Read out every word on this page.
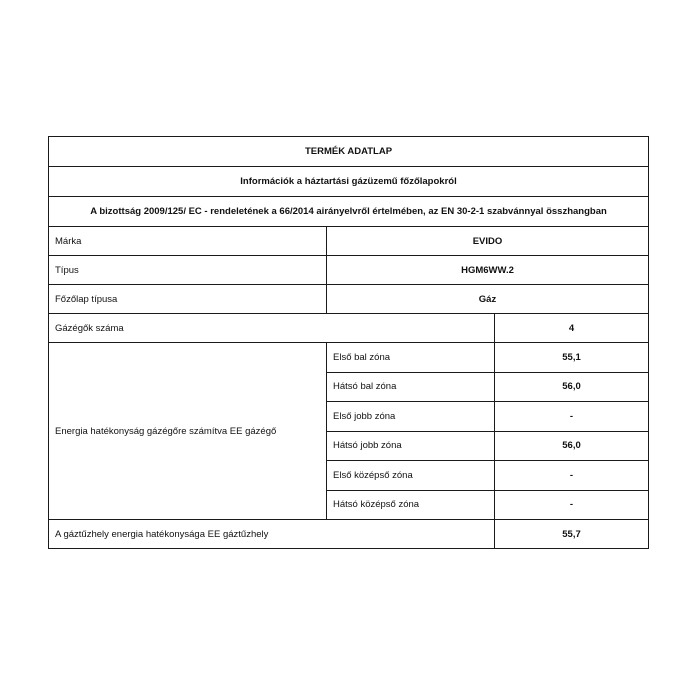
TERMÉK ADATLAP		
Információk a háztartási gázüzemű főzőlapokról		
A bizottság 2009/125/ EC - rendeletének a 66/2014 airányelvről értelmében, az EN 30-2-1 szabvánnyal összhangban		
Márka	EVIDO	
Típus	HGM6WW.2	
Főzőlap típusa	Gáz	
Gázégők száma		4
Energia hatékonyság gázégőre számítva EE gázégő	Első bal zóna	55,1
	Hátsó bal zóna	56,0
	Első jobb zóna	-
	Hátsó jobb zóna	56,0
	Első középső zóna	-
	Hátsó középső zóna	-
A gáztűzhely energia hatékonysága EE gáztűzhely		55,7
